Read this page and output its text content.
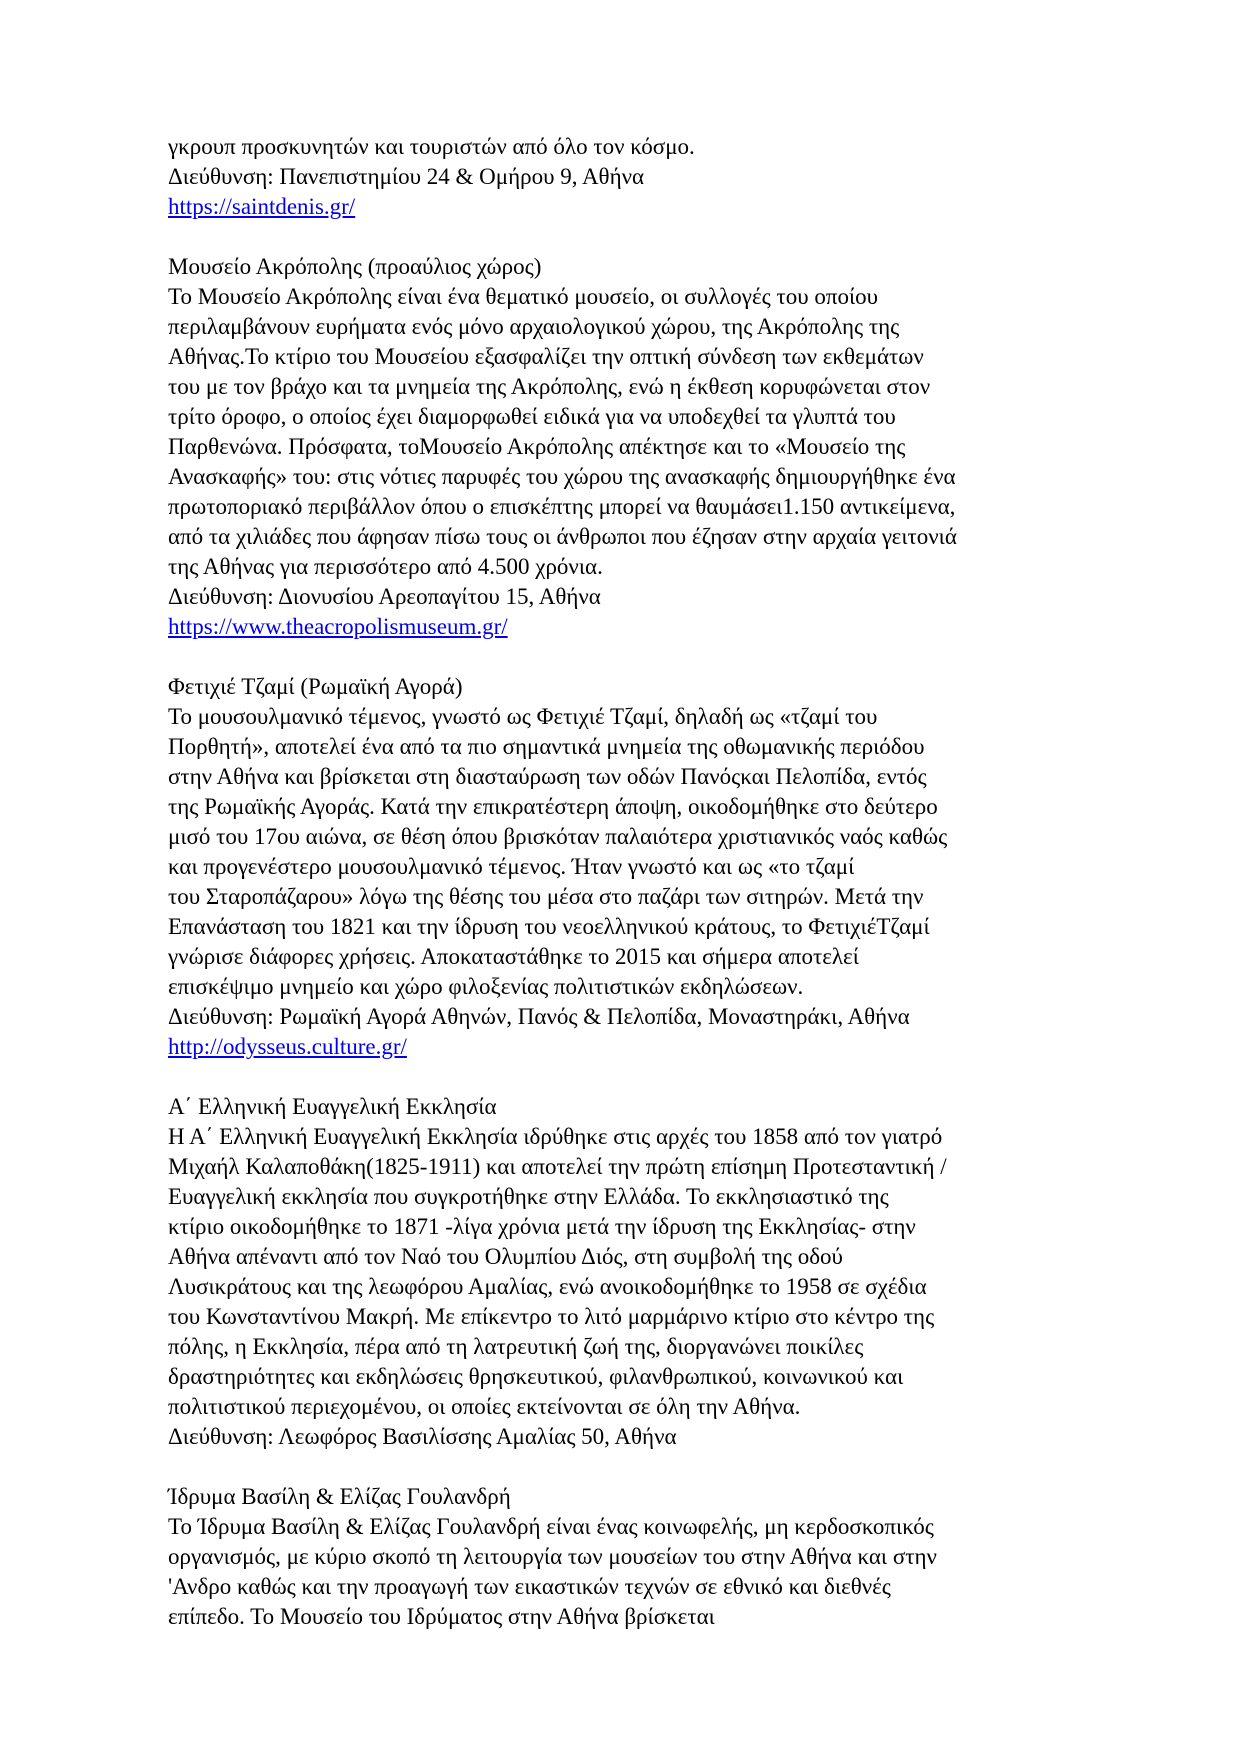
γκρουπ προσκυνητών και τουριστών από όλο τον κόσμο.
Διεύθυνση: Πανεπιστημίου 24 & Ομήρου 9, Αθήνα
https://saintdenis.gr/
Μουσείο Ακρόπολης (προαύλιος χώρος)
Το Μουσείο Ακρόπολης είναι ένα θεματικό μουσείο, οι συλλογές του οποίου
περιλαμβάνουν ευρήματα ενός μόνο αρχαιολογικού χώρου, της Ακρόπολης της
Αθήνας.Το κτίριο του Μουσείου εξασφαλίζει την οπτική σύνδεση των εκθεμάτων
του με τον βράχο και τα μνημεία της Ακρόπολης, ενώ η έκθεση κορυφώνεται στον
τρίτο όροφο, ο οποίος έχει διαμορφωθεί ειδικά για να υποδεχθεί τα γλυπτά του
Παρθενώνα. Πρόσφατα, τοΜουσείο Ακρόπολης απέκτησε και το «Μουσείο της
Ανασκαφής» του: στις νότιες παρυφές του χώρου της ανασκαφής δημιουργήθηκε ένα
πρωτοποριακό περιβάλλον όπου ο επισκέπτης μπορεί να θαυμάσει1.150 αντικείμενα,
από τα χιλιάδες που άφησαν πίσω τους οι άνθρωποι που έζησαν στην αρχαία γειτονιά
της Αθήνας για περισσότερο από 4.500 χρόνια.
Διεύθυνση: Διονυσίου Αρεοπαγίτου 15, Αθήνα
https://www.theacropolismuseum.gr/
Φετιχιέ Τζαμί (Ρωμαϊκή Αγορά)
Το μουσουλμανικό τέμενος, γνωστό ως Φετιχιέ Τζαμί, δηλαδή ως «τζαμί του
Πορθητή», αποτελεί ένα από τα πιο σημαντικά μνημεία της οθωμανικής περιόδου
στην Αθήνα και βρίσκεται στη διασταύρωση των οδών Πανόςκαι Πελοπίδα, εντός
της Ρωμαϊκής Αγοράς. Κατά την επικρατέστερη άποψη, οικοδομήθηκε στο δεύτερο
μισό του 17ου αιώνα, σε θέση όπου βρισκόταν παλαιότερα χριστιανικός ναός καθώς
και προγενέστερο μουσουλμανικό τέμενος. Ήταν γνωστό και ως «το τζαμί
του Σταροπάζαρου» λόγω της θέσης του μέσα στο παζάρι των σιτηρών. Μετά την
Επανάσταση του 1821 και την ίδρυση του νεοελληνικού κράτους, το ΦετιχιέΤζαμί
γνώρισε διάφορες χρήσεις. Αποκαταστάθηκε το 2015 και σήμερα αποτελεί
επισκέψιμο μνημείο και χώρο φιλοξενίας πολιτιστικών εκδηλώσεων.
Διεύθυνση: Ρωμαϊκή Αγορά Αθηνών, Πανός & Πελοπίδα, Μοναστηράκι, Αθήνα
http://odysseus.culture.gr/
Α΄ Ελληνική Ευαγγελική Εκκλησία
Η Α΄ Ελληνική Ευαγγελική Εκκλησία ιδρύθηκε στις αρχές του 1858 από τον γιατρό
Μιχαήλ Καλαποθάκη(1825-1911) και αποτελεί την πρώτη επίσημη Προτεσταντική /
Ευαγγελική εκκλησία που συγκροτήθηκε στην Ελλάδα. Το εκκλησιαστικό της
κτίριο οικοδομήθηκε το 1871 -λίγα χρόνια μετά την ίδρυση της Εκκλησίας- στην
Αθήνα απέναντι από τον Ναό του Ολυμπίου Διός, στη συμβολή της οδού
Λυσικράτους και της λεωφόρου Αμαλίας, ενώ ανοικοδομήθηκε το 1958 σε σχέδια
του Κωνσταντίνου Μακρή. Με επίκεντρο το λιτό μαρμάρινο κτίριο στο κέντρο της
πόλης, η Εκκλησία, πέρα από τη λατρευτική ζωή της, διοργανώνει ποικίλες
δραστηριότητες και εκδηλώσεις θρησκευτικού, φιλανθρωπικού, κοινωνικού και
πολιτιστικού περιεχομένου, οι οποίες εκτείνονται σε όλη την Αθήνα.
Διεύθυνση: Λεωφόρος Βασιλίσσης Αμαλίας 50, Αθήνα
Ίδρυμα Βασίλη & Ελίζας Γουλανδρή
Το Ίδρυμα Βασίλη & Ελίζας Γουλανδρή είναι ένας κοινωφελής, μη κερδοσκοπικός
οργανισμός, με κύριο σκοπό τη λειτουργία των μουσείων του στην Αθήνα και στην
'Ανδρο καθώς και την προαγωγή των εικαστικών τεχνών σε εθνικό και διεθνές
επίπεδο. Το Μουσείο του Ιδρύματος στην Αθήνα βρίσκεται
